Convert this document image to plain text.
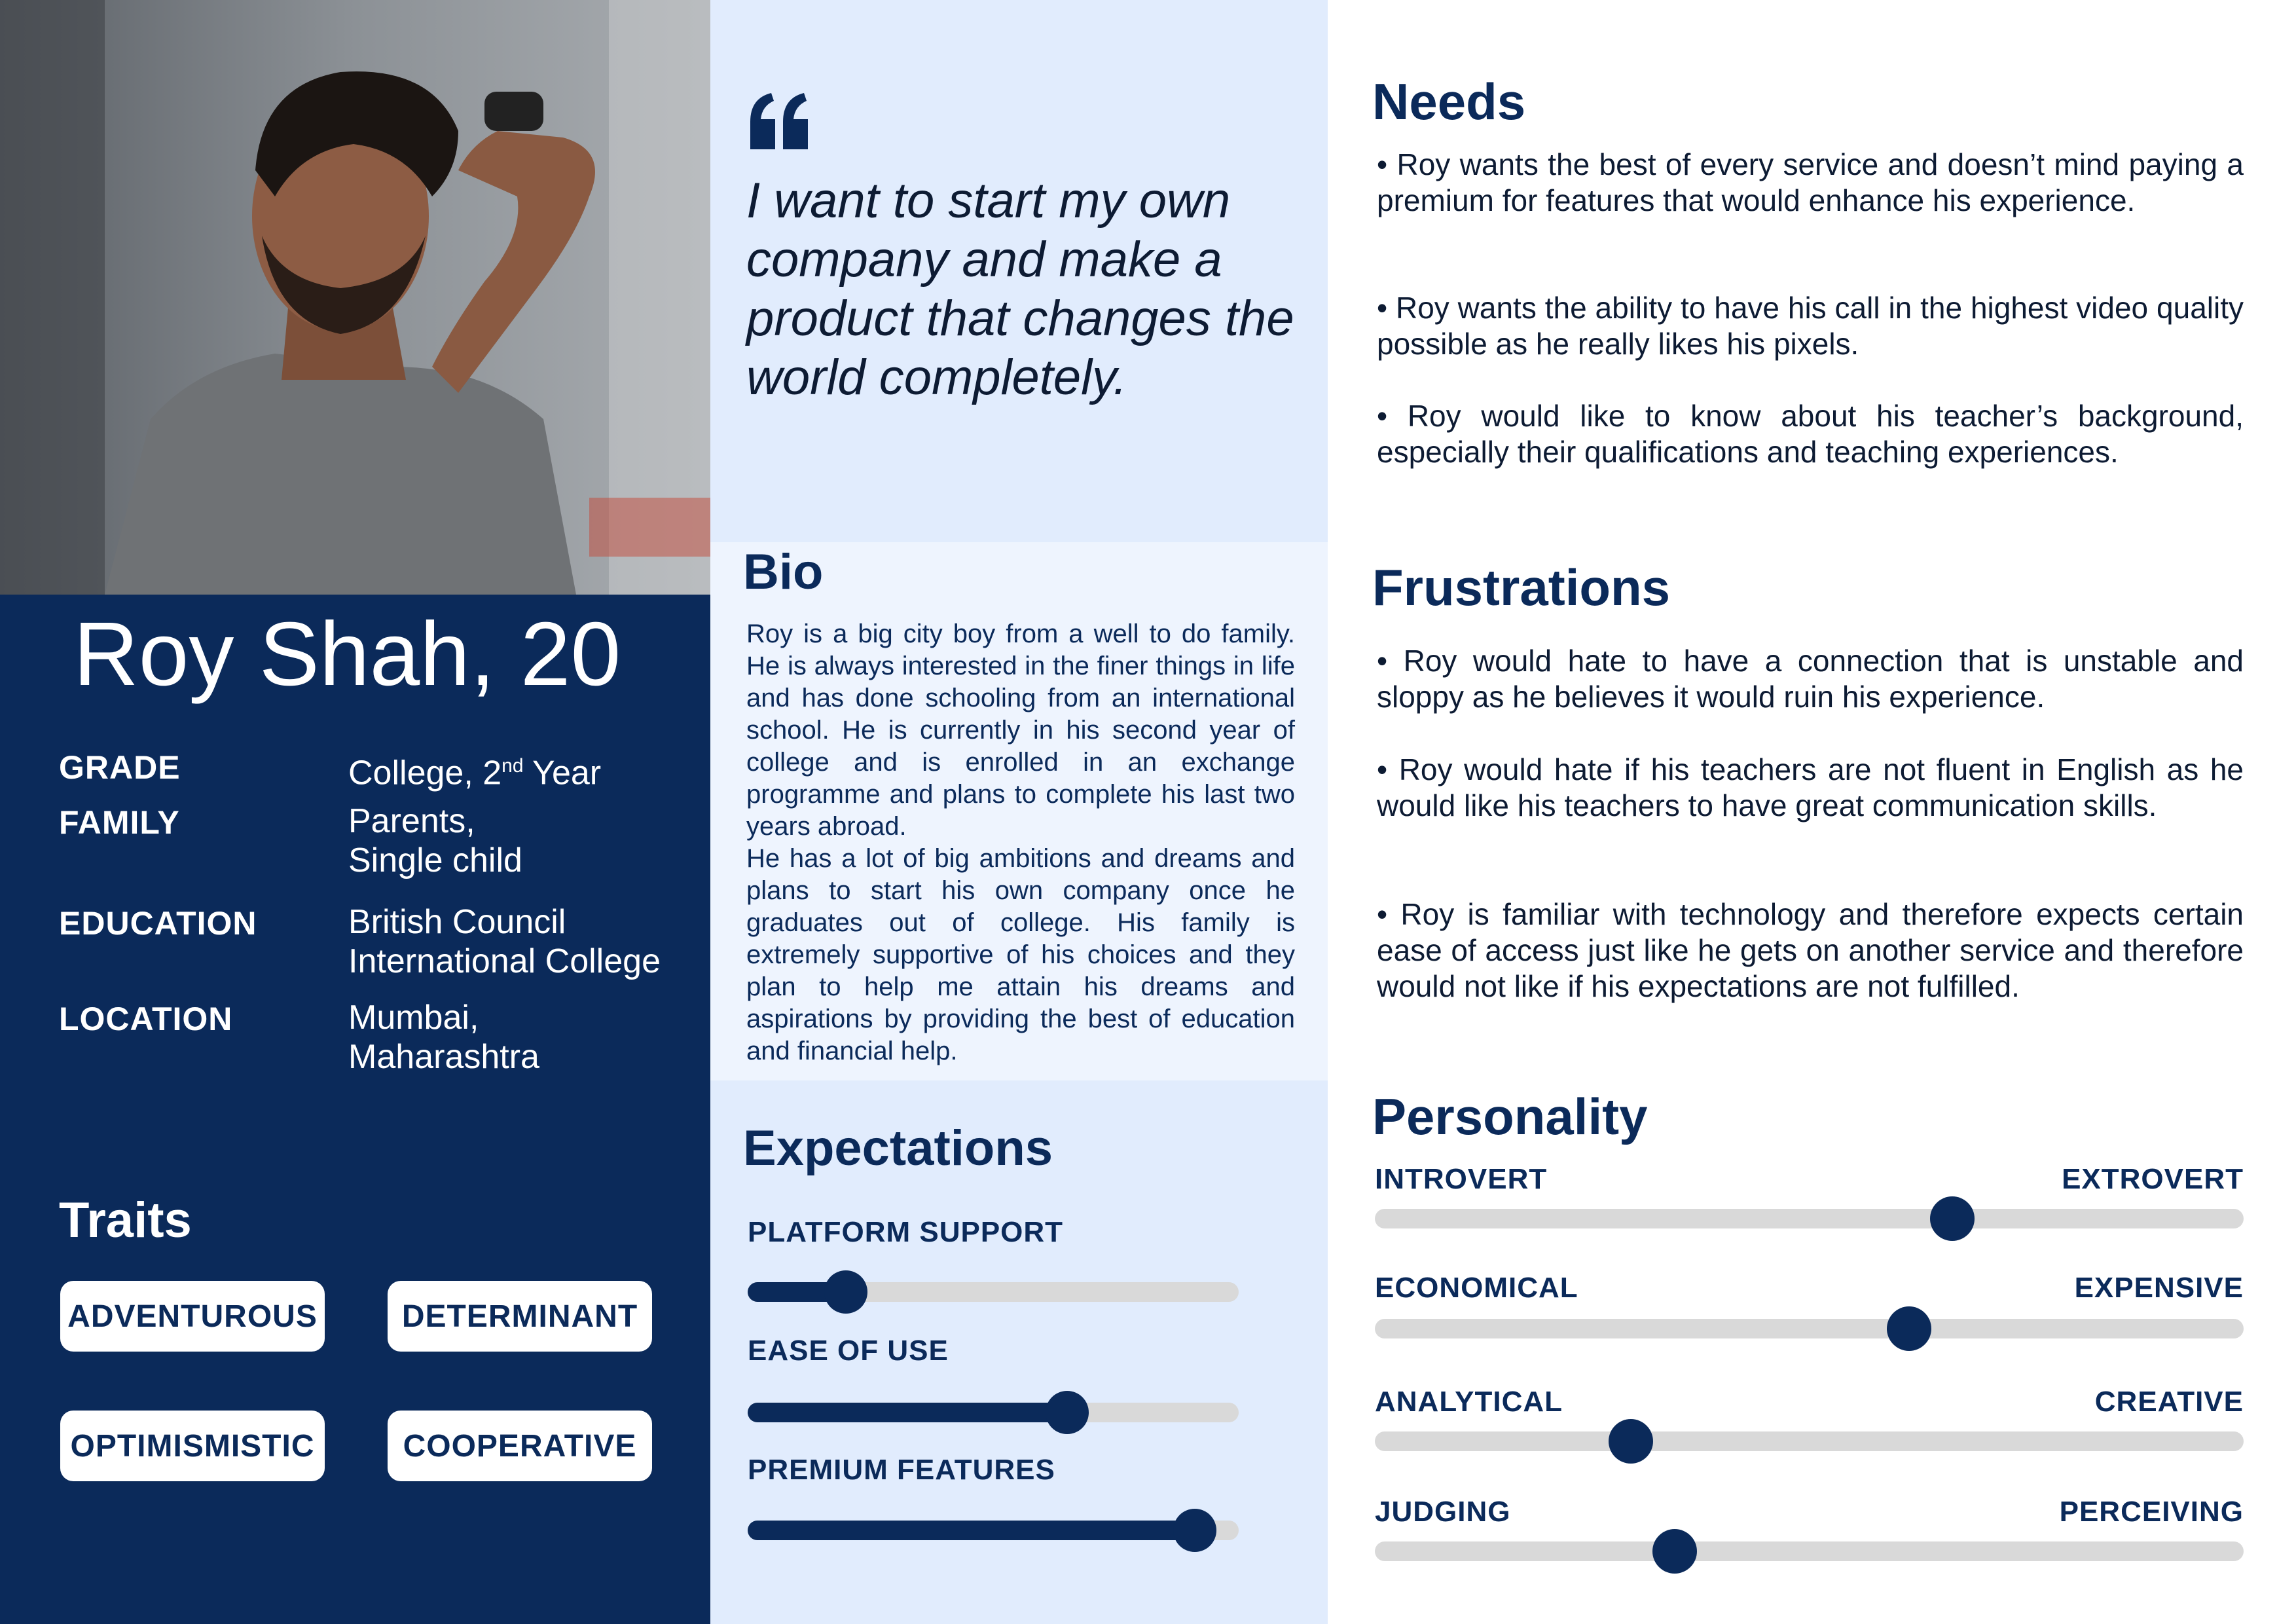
Roy Shah, 20
GRADE	College, 2nd Year
FAMILY	Parents,
Single child
EDUCATION	British Council
International College
LOCATION	Mumbai,
Maharashtra
Traits
ADVENTUROUS	DETERMINANT
OPTIMISMISTIC	COOPERATIVE
I want to start my own company and make a product that changes the world completely.
Bio

Roy is a big city boy from a well to do family. He is always interested in the finer things in life and has done schooling from an international school. He is currently in his second year of college and is enrolled in an exchange programme and plans to complete his last two years abroad.

He has a lot of big ambitions and dreams and plans to start his own company once he graduates out of college. His family is extremely supportive of his choices and they plan to help me attain his dreams and aspirations by providing the best of education and financial help.

Expectations
PLATFORM SUPPORT
EASE OF USE
PREMIUM FEATURES
Needs
• Roy wants the best of every service and doesn’t mind paying a premium for features that would enhance his experience.
• Roy wants the ability to have his call in the highest video quality possible as he really likes his pixels.
• Roy would like to know about his teacher’s background, especially their qualifications and teaching experiences.
Frustrations
• Roy would hate to have a connection that is unstable and sloppy as he believes it would ruin his experience.
• Roy would hate if his teachers are not fluent in English as he would like his teachers to have great communication skills.
• Roy is familiar with technology and therefore expects certain ease of access just like he gets on another service and therefore would not like if his expectations are not fulfilled.
Personality
INTROVERT	EXTROVERT
ECONOMICAL	EXPENSIVE
ANALYTICAL	CREATIVE
JUDGING	PERCEIVING
